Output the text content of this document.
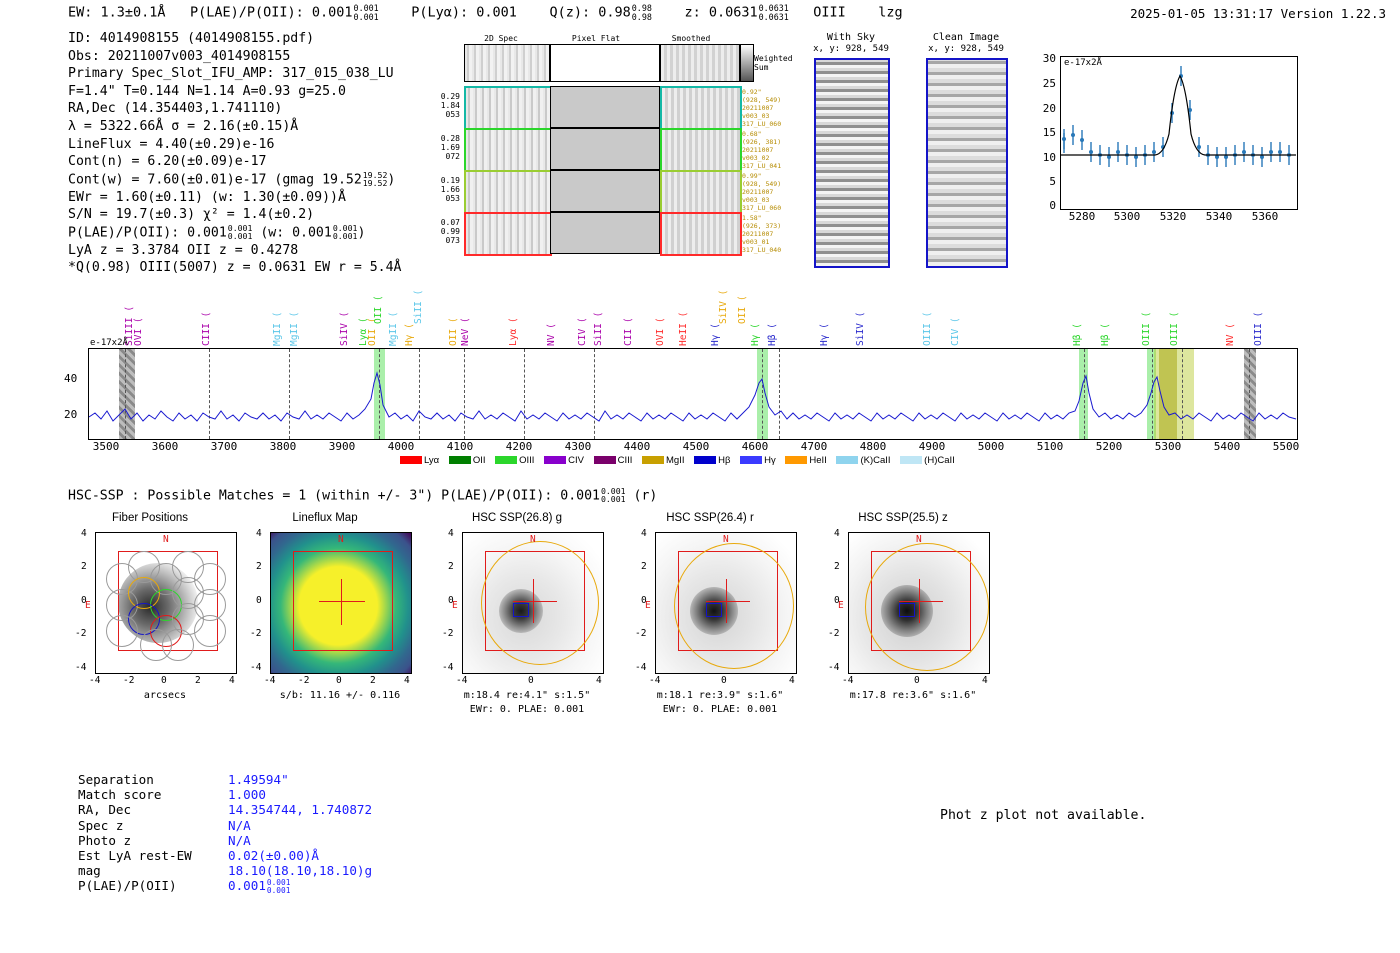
EW: 1.3±0.1Å P(LAE)/P(OII): 0.0010.001
0.001 P(Lyα): 0.001 Q(z): 0.980.98
0.98 z: 0.06310.0631
0.0631 OIII lzg	2025-01-05 13:31:17 Version 1.22.3
ID: 4014908155 (4014908155.pdf)
Obs: 20211007v003_4014908155
Primary Spec_Slot_IFU_AMP: 317_015_038_LU
F=1.4" T=0.144 N=1.14 A=0.93 g=25.0
RA,Dec (14.354403,1.741110)
λ = 5322.66Å σ = 2.16(±0.15)Å
LineFlux = 4.40(±0.29)e-16
Cont(n) = 6.20(±0.09)e-17
Cont(w) = 7.60(±0.01)e-17 (gmag 19.5219.52
19.52)
EWr = 1.60(±0.11) (w: 1.30(±0.09))Å
S/N = 19.7(±0.3) χ² = 1.4(±0.2)
P(LAE)/P(OII): 0.0010.001
0.001 (w: 0.0010.001
0.001)
LyA z = 3.3784 OII z = 0.4278
*Q(0.98) OIII(5007) z = 0.0631 EW r = 5.4Å
2D Spec	Pixel Flat	Smoothed
Weighted
Sum
0.29
1.84
053
0.92"
(928, 549)
20211007
v003_03
317_LU_060
0.28
1.69
072
0.68"
(926, 381)
20211007
v003_02
317_LU_041
0.19
1.66
053
0.99"
(928, 549)
20211007
v003_03
317_LU_060
0.07
0.99
073
1.58"
(926, 373)
20211007
v003_01
317_LU_040
With Sky
x, y: 928, 549
Clean Image
x, y: 928, 549
e-17x2Å
30
25
20
15
10
5
0
5280 5300 5320 5340 5360
SiIII (
OVI (	CIII (	MgII ( MgII (	SiIV ( OII (
OII (
Lyα ( MgII ( Hγ (
SiII (
OII ( NeV (	Lyα (	NV ( CIV ( SiII ( CII ( OVI ( HeII ( Hγ (
SiIV ( OII (
Hγ ( Hβ (	Hγ (	SiIV (	OIII ( CIV (	Hβ ( Hβ (	OIII ( OIII (	NV ( OIII (
e-17x2Å
40
20
3500	3600	3700	3800	3900	4000	4100	4200	4300	4400	4500	4600	4700	4800	4900	5000	5100	5200	5300	5400	5500
Lyα	OII	OIII	CIV	CIII	MgII	Hβ	Hγ	HeII	(K)CaII	(H)CaII
HSC-SSP : Possible Matches = 1 (within +/- 3") P(LAE)/P(OII): 0.0010.001
0.001 (r)
Fiber Positions
N
E
4
2
0
-2
-4
-4 -2	0	2	4
arcsecs
Lineflux Map
N
4
2
0
-2
-4
-4 -2	0	2	4
s/b: 11.16 +/- 0.116
HSC SSP(26.8) g
N
E
4
2
0
-2
-4
-4	0	4
m:18.4 re:4.1" s:1.5"
EWr: 0. PLAE: 0.001
HSC SSP(26.4) r
N
E
4
2
0
-2
-4
-4	0	4
m:18.1 re:3.9" s:1.6"
EWr: 0. PLAE: 0.001
HSC SSP(25.5) z
N
E
4
2
0
-2
-4
-4	0	4
m:17.8 re:3.6" s:1.6"
Separation	1.49594"
Match score	1.000
RA, Dec	14.354744, 1.740872
Spec z	N/A
Photo z	N/A
Est LyA rest-EW	0.02(±0.00)Å
mag	18.10(18.10,18.10)g
P(LAE)/P(OII)	0.0010.001
0.001
Phot z plot not available.
